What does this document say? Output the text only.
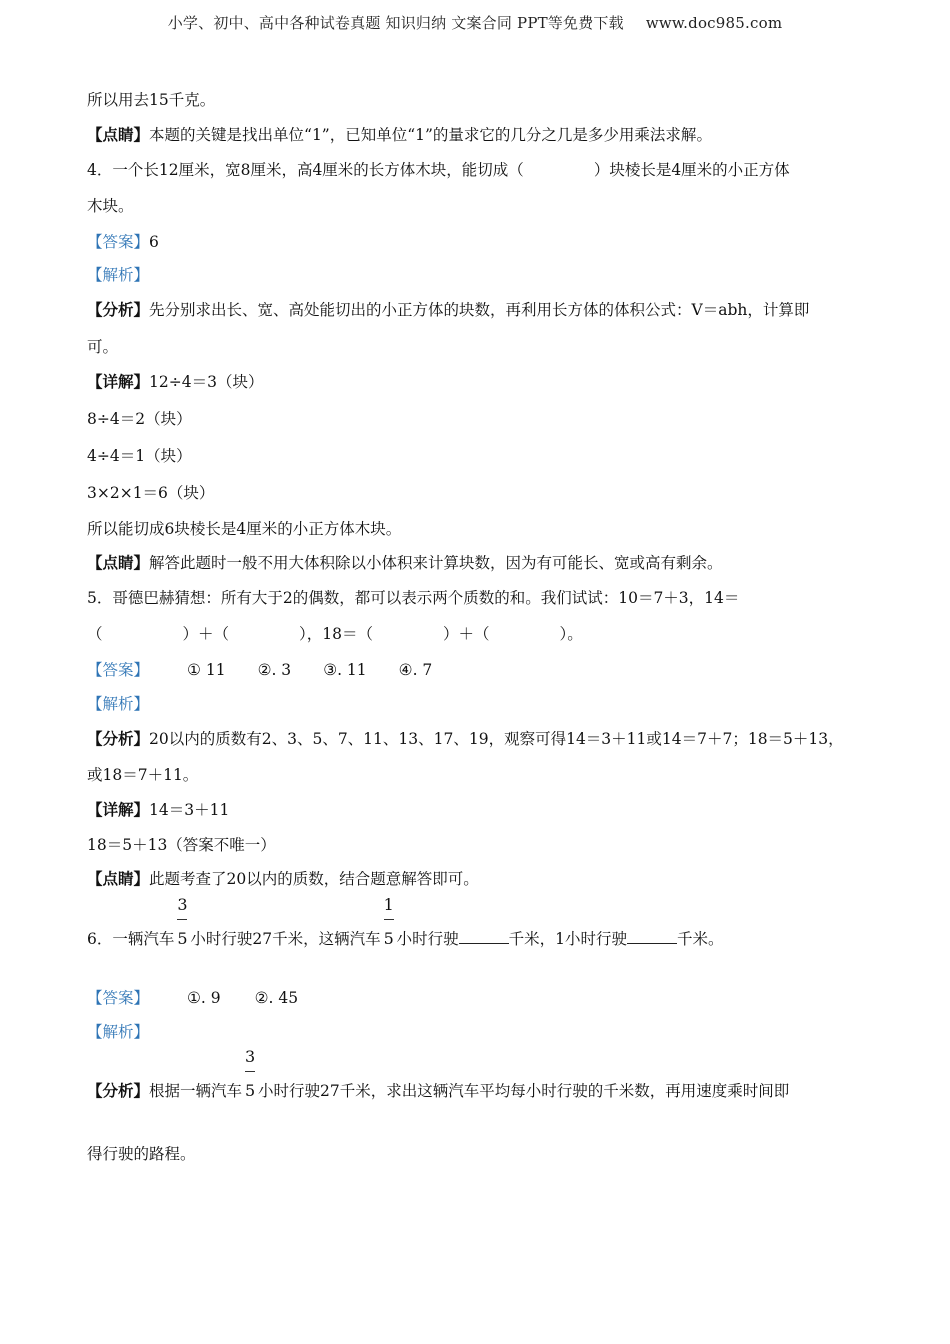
小学、初中、高中各种试卷真题 知识归纳 文案合同 PPT等免费下载 www.doc985.com
所以用去15千克。
【点睛】本题的关键是找出单位“1”，已知单位“1”的量求它的几分之几是多少用乘法求解。
4．一个长12厘米，宽8厘米，高4厘米的长方体木块，能切成（	）块棱长是4厘米的小正方体
木块。
【答案】6
【解析】
【分析】先分别求出长、宽、高处能切出的小正方体的块数，再利用长方体的体积公式：V＝abh，计算即
可。
【详解】12÷4＝3（块）
8÷4＝2（块）
4÷4＝1（块）
3×2×1＝6（块）
所以能切成6块棱长是4厘米的小正方体木块。
【点睛】解答此题时一般不用大体积除以小体积来计算块数，因为有可能长、宽或高有剩余。
5．哥德巴赫猜想：所有大于2的偶数，都可以表示两个质数的和。我们试试：10＝7＋3，14＝
（	）＋（	），18＝（	）＋（	）。
【答案】 ① 11 ②. 3 ③. 11 ④. 7
【解析】
【分析】20以内的质数有2、3、5、7、11、13、17、19，观察可得14＝3＋11或14＝7＋7；18＝5＋13，
或18＝7＋11。
【详解】14＝3＋11
18＝5＋13（答案不唯一）
【点睛】此题考查了20以内的质数，结合题意解答即可。
6．一辆汽车 $\frac{3}{5}$ 小时行驶27千米，这辆汽车 $\frac{1}{5}$ 小时行驶	千米，1小时行驶	千米。
【答案】 ①. 9 ②. 45
【解析】
【分析】根据一辆汽车 $\frac{3}{5}$ 小时行驶27千米，求出这辆汽车平均每小时行驶的千米数，再用速度乘时间即
得行驶的路程。
